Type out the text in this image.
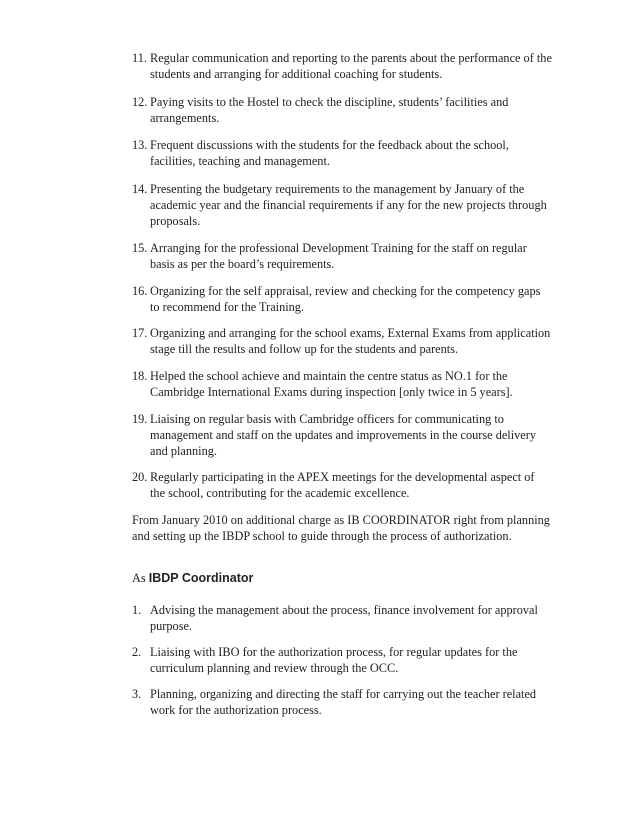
11. Regular communication and reporting to the parents about the performance of the students and arranging for additional coaching for students.
12. Paying visits to the Hostel to check the discipline, students’ facilities and arrangements.
13. Frequent discussions with the students for the feedback about the school, facilities, teaching and management.
14. Presenting the budgetary requirements to the management by January of the academic year and the financial requirements if any for the new projects through proposals.
15. Arranging for the professional Development Training for the staff on regular basis as per the board’s requirements.
16. Organizing for the self appraisal, review and checking for the competency gaps to recommend for the Training.
17. Organizing and arranging for the school exams, External Exams from application stage till the results and follow up for the students and parents.
18. Helped the school achieve and maintain the centre status as NO.1 for the Cambridge International Exams during inspection [only twice in 5 years].
19. Liaising on regular basis with Cambridge officers for communicating to management and staff on the updates and improvements in the course delivery and planning.
20. Regularly participating in the APEX meetings for the developmental aspect of the school, contributing for the academic excellence.
From January 2010 on additional charge as IB COORDINATOR right from planning and setting up the IBDP school to guide through the process of authorization.
As IBDP Coordinator
1. Advising the management about the process, finance involvement for approval purpose.
2. Liaising with IBO for the authorization process, for regular updates for the curriculum planning and review through the OCC.
3. Planning, organizing and directing the staff for carrying out the teacher related work for the authorization process.
